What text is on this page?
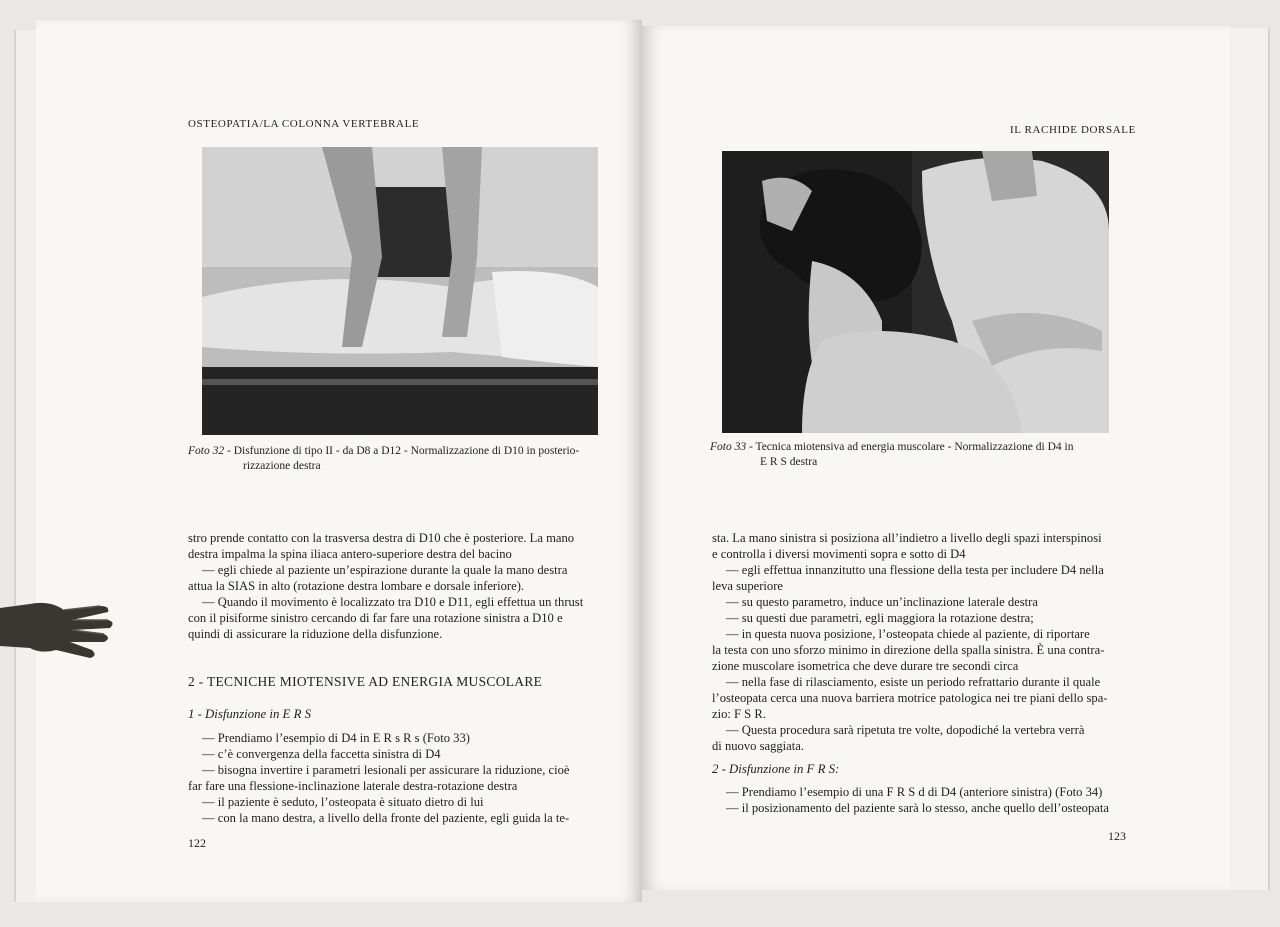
OSTEOPATIA/LA COLONNA VERTEBRALE
Foto 32 - Disfunzione di tipo II - da D8 a D12 - Normalizzazione di D10 in posterio-
rizzazione destra

stro prende contatto con la trasversa destra di D10 che è posteriore. La mano

destra impalma la spina iliaca antero-superiore destra del bacino

— egli chiede al paziente un’espirazione durante la quale la mano destra

attua la SIAS in alto (rotazione destra lombare e dorsale inferiore).

— Quando il movimento è localizzato tra D10 e D11, egli effettua un thrust

con il pisiforme sinistro cercando di far fare una rotazione sinistra a D10 e

quindi di assicurare la riduzione della disfunzione.

2 - TECNICHE MIOTENSIVE AD ENERGIA MUSCOLARE
1 - Disfunzione in E R S

— Prendiamo l’esempio di D4 in E R s R s (Foto 33)

— c’è convergenza della faccetta sinistra di D4

— bisogna invertire i parametri lesionali per assicurare la riduzione, cioè

far fare una flessione-inclinazione laterale destra-rotazione destra

— il paziente è seduto, l’osteopata è situato dietro di lui

— con la mano destra, a livello della fronte del paziente, egli guida la te-

122
IL RACHIDE DORSALE
Foto 33 - Tecnica miotensiva ad energia muscolare - Normalizzazione di D4 in
E R S destra

sta. La mano sinistra si posiziona all’indietro a livello degli spazi interspinosi

e controlla i diversi movimenti sopra e sotto di D4

— egli effettua innanzitutto una flessione della testa per includere D4 nella

leva superiore

— su questo parametro, induce un’inclinazione laterale destra

— su questi due parametri, egli maggiora la rotazione destra;

— in questa nuova posizione, l’osteopata chiede al paziente, di riportare

la testa con uno sforzo minimo in direzione della spalla sinistra. È una contra-

zione muscolare isometrica che deve durare tre secondi circa

— nella fase di rilasciamento, esiste un periodo refrattario durante il quale

l’osteopata cerca una nuova barriera motrice patologica nei tre piani dello spa-

zio: F S R.

— Questa procedura sarà ripetuta tre volte, dopodiché la vertebra verrà

di nuovo saggiata.

2 - Disfunzione in F R S:

— Prendiamo l’esempio di una F R S d di D4 (anteriore sinistra) (Foto 34)

— il posizionamento del paziente sarà lo stesso, anche quello dell’osteopata

123
